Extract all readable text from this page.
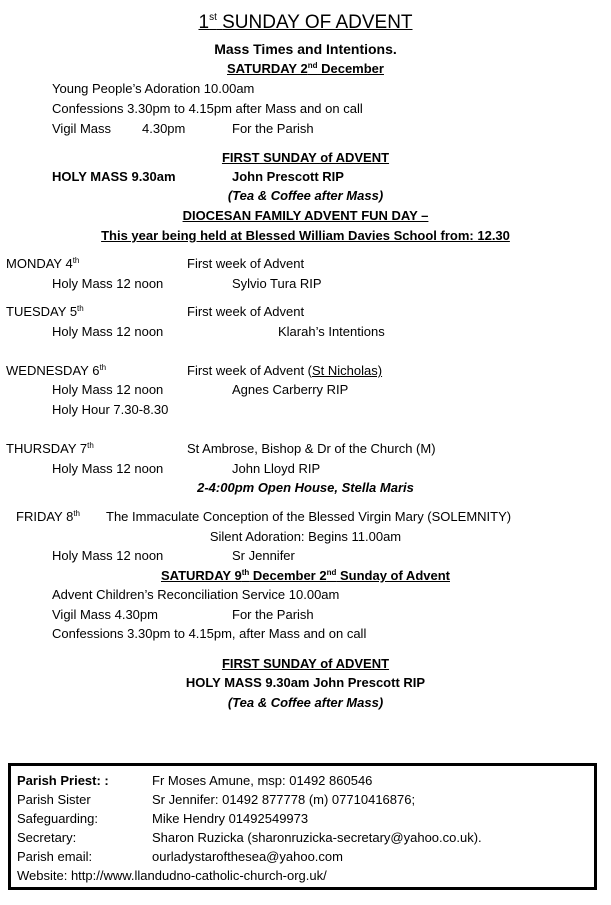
1st SUNDAY OF ADVENT
Mass Times and Intentions.
SATURDAY 2nd December
Young People’s Adoration 10.00am
Confessions 3.30pm to 4.15pm after Mass and on call
Vigil Mass 4.30pm	For the Parish
FIRST SUNDAY of ADVENT
HOLY MASS 9.30am	John Prescott RIP
(Tea & Coffee after Mass)
DIOCESAN FAMILY ADVENT FUN DAY –
This year being held at Blessed William Davies School from: 12.30
MONDAY 4th	First week of Advent
Holy Mass 12 noon	Sylvio Tura RIP
TUESDAY 5th	First week of Advent
Holy Mass 12 noon	Klarah’s Intentions
WEDNESDAY 6th	First week of Advent (St Nicholas)
Holy Mass 12 noon	Agnes Carberry RIP
Holy Hour 7.30-8.30
THURSDAY 7th	St Ambrose, Bishop & Dr of the Church (M)
Holy Mass 12 noon	John Lloyd RIP
2-4:00pm Open House, Stella Maris
FRIDAY 8th The Immaculate Conception of the Blessed Virgin Mary (SOLEMNITY)
Silent Adoration: Begins 11.00am
Holy Mass 12 noon	Sr Jennifer
SATURDAY 9th December 2nd Sunday of Advent
Advent Children’s Reconciliation Service 10.00am
Vigil Mass 4.30pm	For the Parish
Confessions 3.30pm to 4.15pm, after Mass and on call
FIRST SUNDAY of ADVENT
HOLY MASS 9.30am John Prescott RIP
(Tea & Coffee after Mass)
Parish Priest: :	Fr Moses Amune, msp: 01492 860546
Parish Sister	Sr Jennifer: 01492 877778 (m) 07710416876;
Safeguarding:	Mike Hendry 01492549973
Secretary:	Sharon Ruzicka (sharonruzicka-secretary@yahoo.co.uk).
Parish email:	ourladystarofthesea@yahoo.com
Website: http://www.llandudno-catholic-church-org.uk/
